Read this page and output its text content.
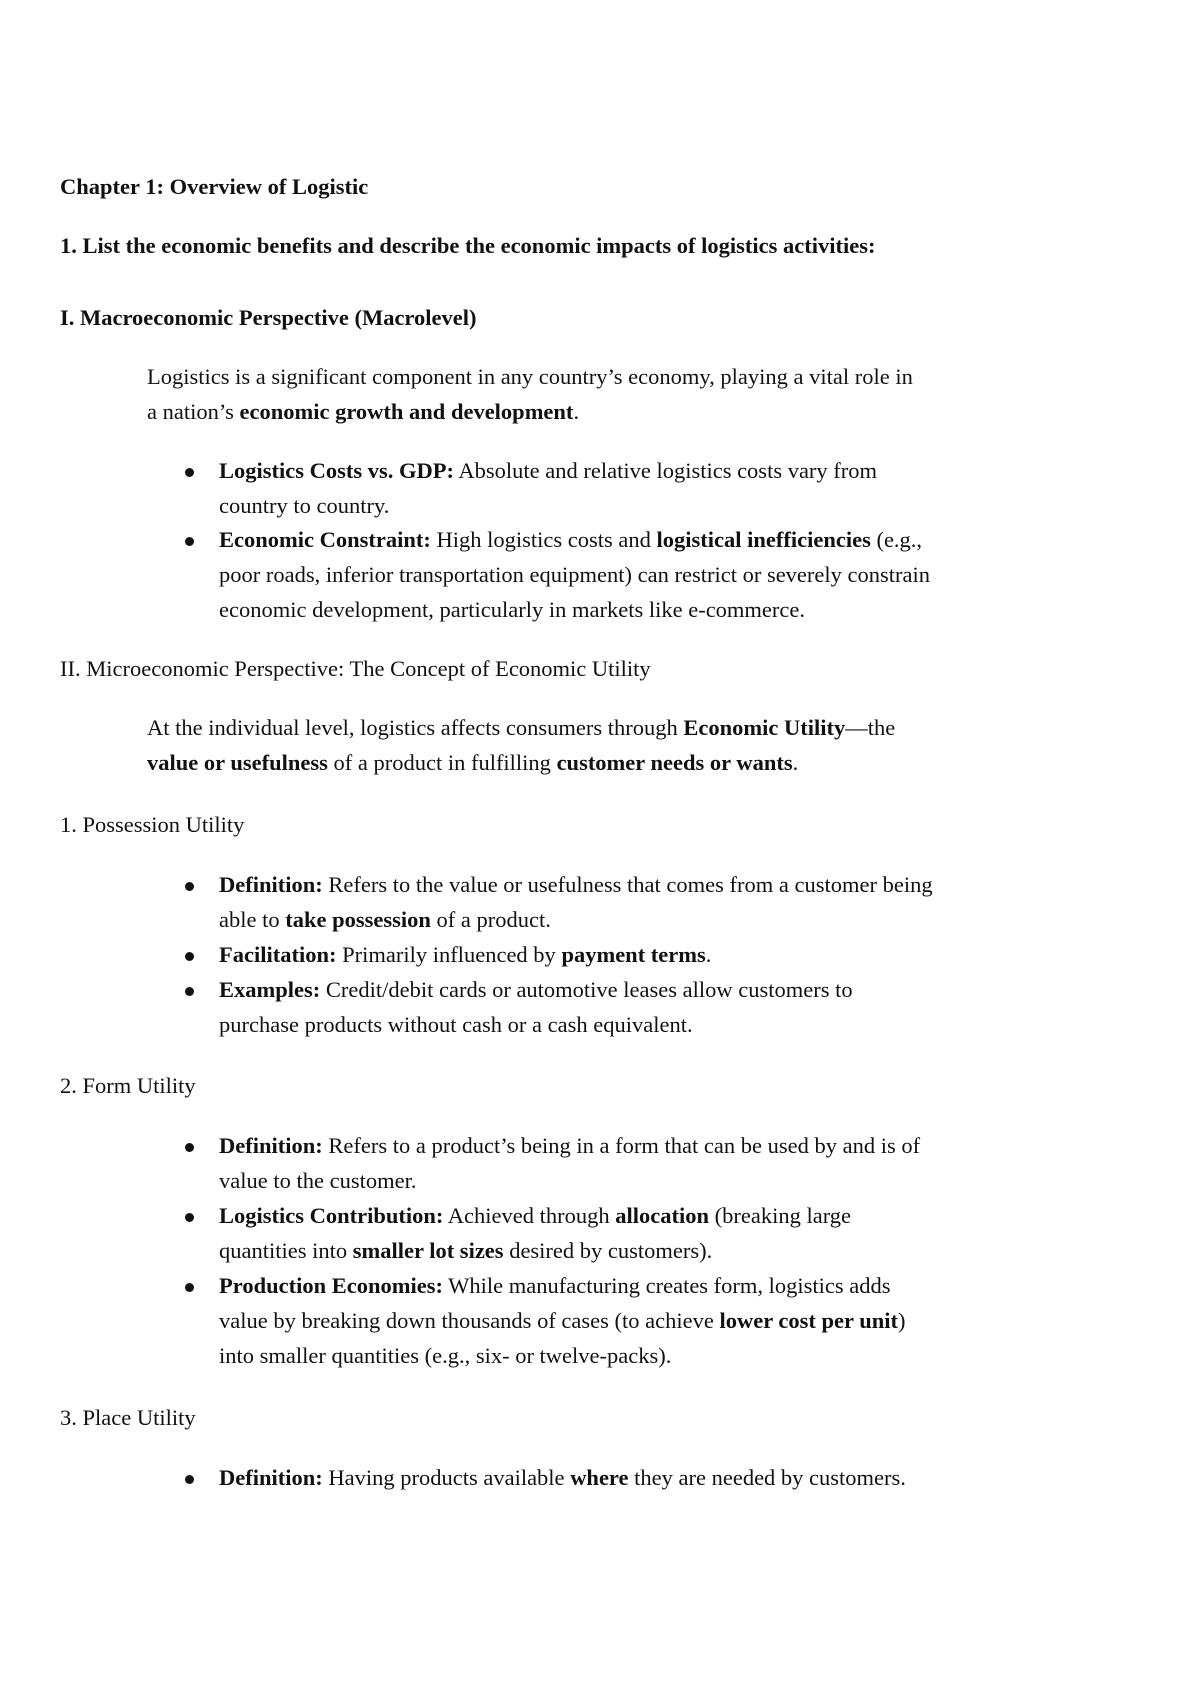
Chapter 1: Overview of Logistic
1. List the economic benefits and describe the economic impacts of logistics activities:
I. Macroeconomic Perspective (Macrolevel)
Logistics is a significant component in any country’s economy, playing a vital role in
a nation’s economic growth and development.
Logistics Costs vs. GDP: Absolute and relative logistics costs vary from
country to country.
Economic Constraint: High logistics costs and logistical inefficiencies (e.g.,
poor roads, inferior transportation equipment) can restrict or severely constrain
economic development, particularly in markets like e-commerce.
II. Microeconomic Perspective: The Concept of Economic Utility
At the individual level, logistics affects consumers through Economic Utility—the
value or usefulness of a product in fulfilling customer needs or wants.
1. Possession Utility
Definition: Refers to the value or usefulness that comes from a customer being
able to take possession of a product.
Facilitation: Primarily influenced by payment terms.
Examples: Credit/debit cards or automotive leases allow customers to
purchase products without cash or a cash equivalent.
2. Form Utility
Definition: Refers to a product’s being in a form that can be used by and is of
value to the customer.
Logistics Contribution: Achieved through allocation (breaking large
quantities into smaller lot sizes desired by customers).
Production Economies: While manufacturing creates form, logistics adds
value by breaking down thousands of cases (to achieve lower cost per unit)
into smaller quantities (e.g., six- or twelve-packs).
3. Place Utility
Definition: Having products available where they are needed by customers.
